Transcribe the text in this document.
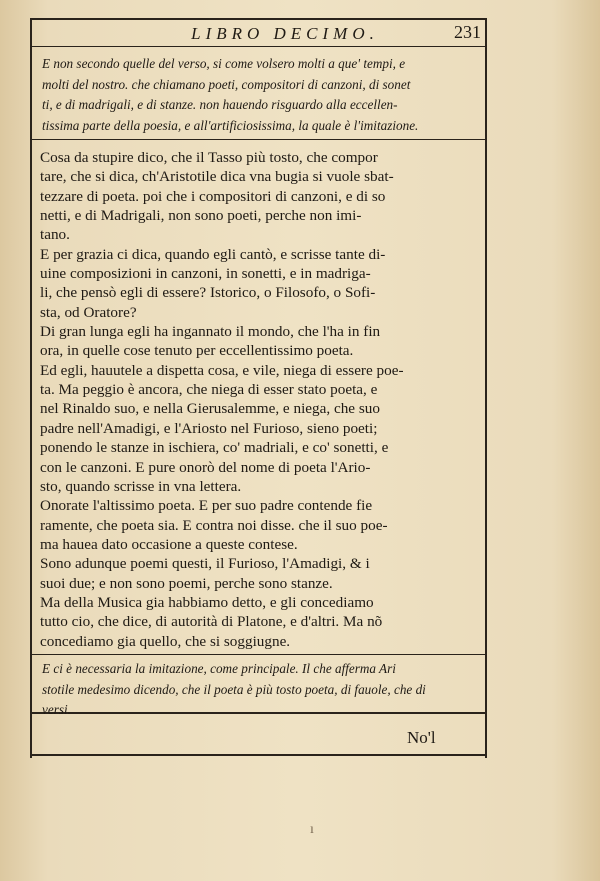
LIBRO DECIMO.	231
E non secondo quelle del verso, si come volsero molti a que' tempi, e
molti del nostro. che chiamano poeti, compositori di canzoni, di sonet
ti, e di madrigali, e di stanze. non hauendo risguardo alla eccellen-
tissima parte della poesia, e all'artificiosissima, la quale è l'imitazione.
Cosa da stupire dico, che il Tasso più tosto, che compor
tare, che si dica, ch'Aristotile dica vna bugia si vuole sbat-
tezzare di poeta. poi che i compositori di canzoni, e di so
netti, e di Madrigali, non sono poeti, perche non imi-
tano.
E per grazia ci dica, quando egli cantò, e scrisse tante di-
uine composizioni in canzoni, in sonetti, e in madriga-
li, che pensò egli di essere? Istorico, o Filosofo, o Sofi-
sta, od Oratore?
Di gran lunga egli ha ingannato il mondo, che l'ha in fin
ora, in quelle cose tenuto per eccellentissimo poeta.
Ed egli, hauutele a dispetta cosa, e vile, niega di essere poe-
ta. Ma peggio è ancora, che niega di esser stato poeta, e
nel Rinaldo suo, e nella Gierusalemme, e niega, che suo
padre nell'Amadigi, e l'Ariosto nel Furioso, sieno poeti;
ponendo le stanze in ischiera, co' madriali, e co' sonetti, e
con le canzoni. E pure onorò del nome di poeta l'Ario-
sto, quando scrisse in vna lettera.
Onorate l'altissimo poeta. E per suo padre contende fie
ramente, che poeta sia. E contra noi disse. che il suo poe-
ma hauea dato occasione a queste contese.
Sono adunque poemi questi, il Furioso, l'Amadigi, & i
suoi due; e non sono poemi, perche sono stanze.
Ma della Musica gia habbiamo detto, e gli concediamo
tutto cio, che dice, di autorità di Platone, e d'altri. Ma nõ
concediamo gia quello, che si soggiugne.
E ci è necessaria la imitazione, come principale. Il che afferma Ari
stotile medesimo dicendo, che il poeta è più tosto poeta, di fauole, che di
versi.
No'l
ı
